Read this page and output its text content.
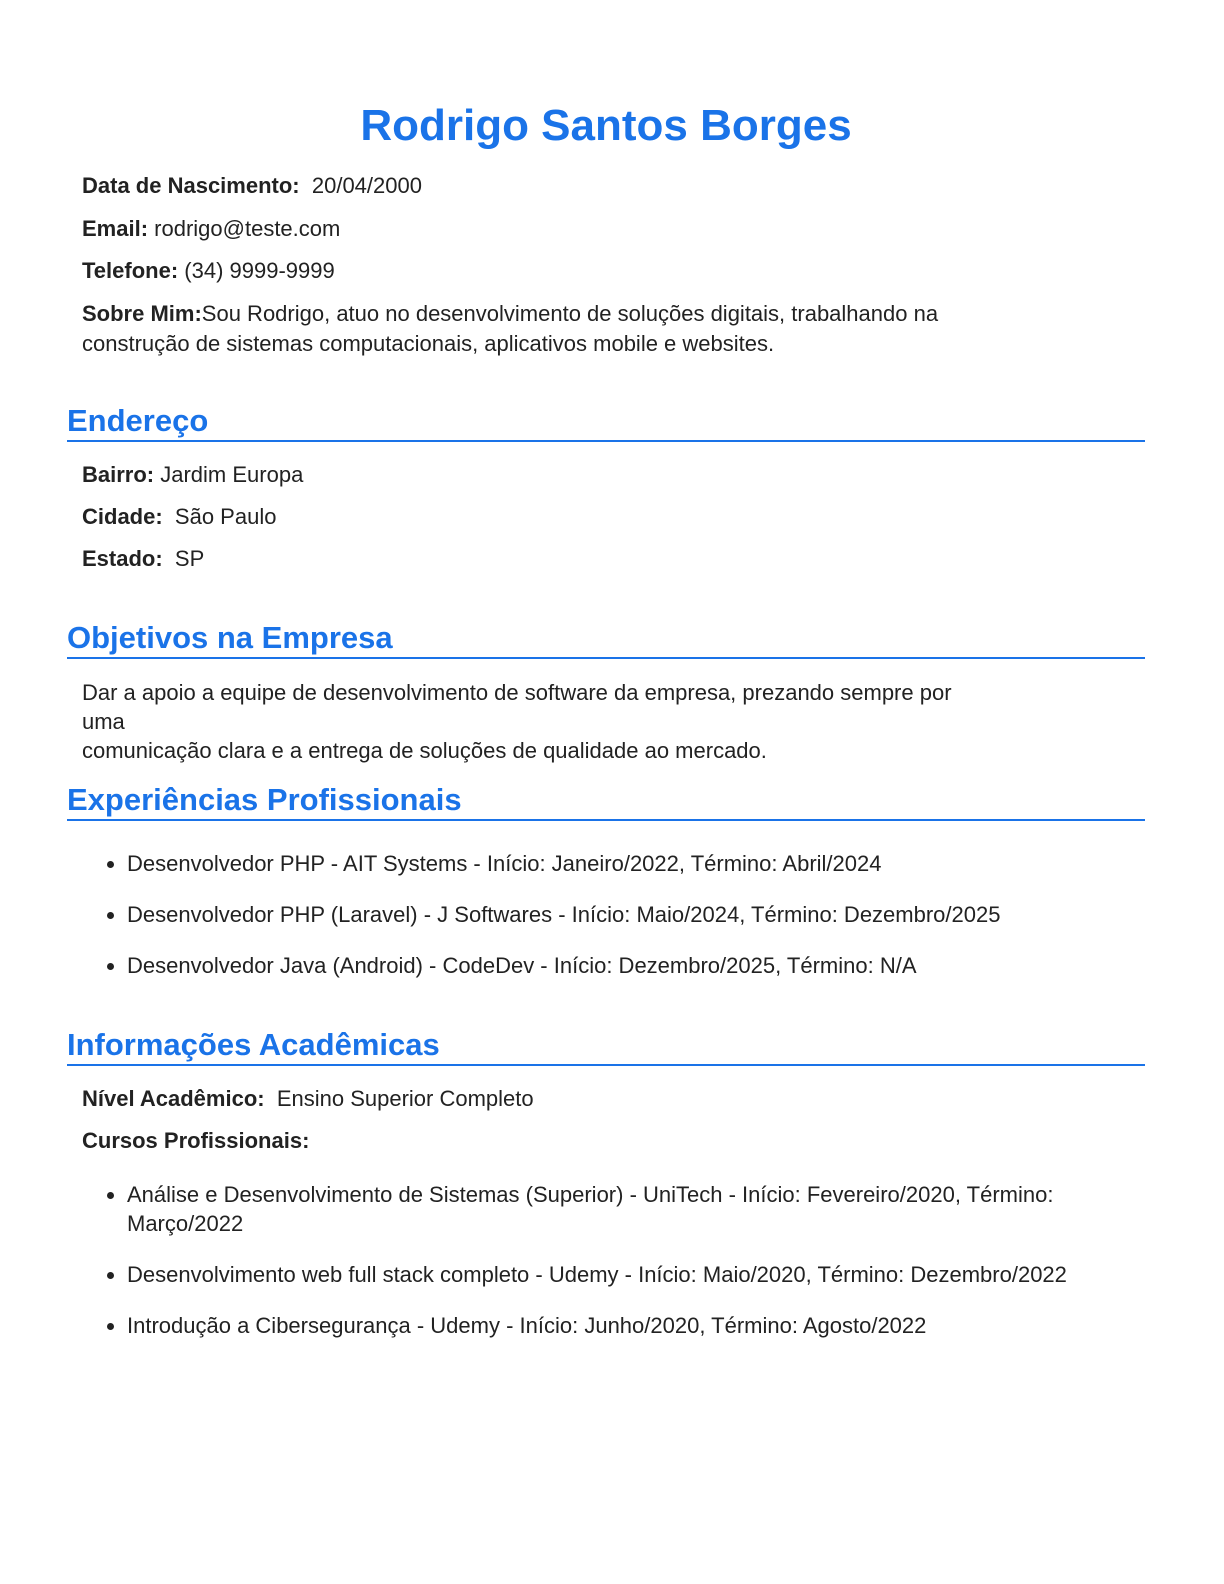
Rodrigo Santos Borges
Data de Nascimento: 20/04/2000
Email: rodrigo@teste.com
Telefone: (34) 9999-9999
Sobre Mim:Sou Rodrigo, atuo no desenvolvimento de soluções digitais, trabalhando na
construção de sistemas computacionais, aplicativos mobile e websites.
Endereço
Bairro: Jardim Europa
Cidade: São Paulo
Estado: SP
Objetivos na Empresa
Dar a apoio a equipe de desenvolvimento de software da empresa, prezando sempre por
uma
comunicação clara e a entrega de soluções de qualidade ao mercado.
Experiências Profissionais
• Desenvolvedor PHP - AIT Systems - Início: Janeiro/2022, Término: Abril/2024
• Desenvolvedor PHP (Laravel) - J Softwares - Início: Maio/2024, Término: Dezembro/2025
• Desenvolvedor Java (Android) - CodeDev - Início: Dezembro/2025, Término: N/A
Informações Acadêmicas
Nível Acadêmico: Ensino Superior Completo
Cursos Profissionais:
• Análise e Desenvolvimento de Sistemas (Superior) - UniTech - Início: Fevereiro/2020, Término: Março/2022
• Desenvolvimento web full stack completo - Udemy - Início: Maio/2020, Término: Dezembro/2022
• Introdução a Cibersegurança - Udemy - Início: Junho/2020, Término: Agosto/2022
